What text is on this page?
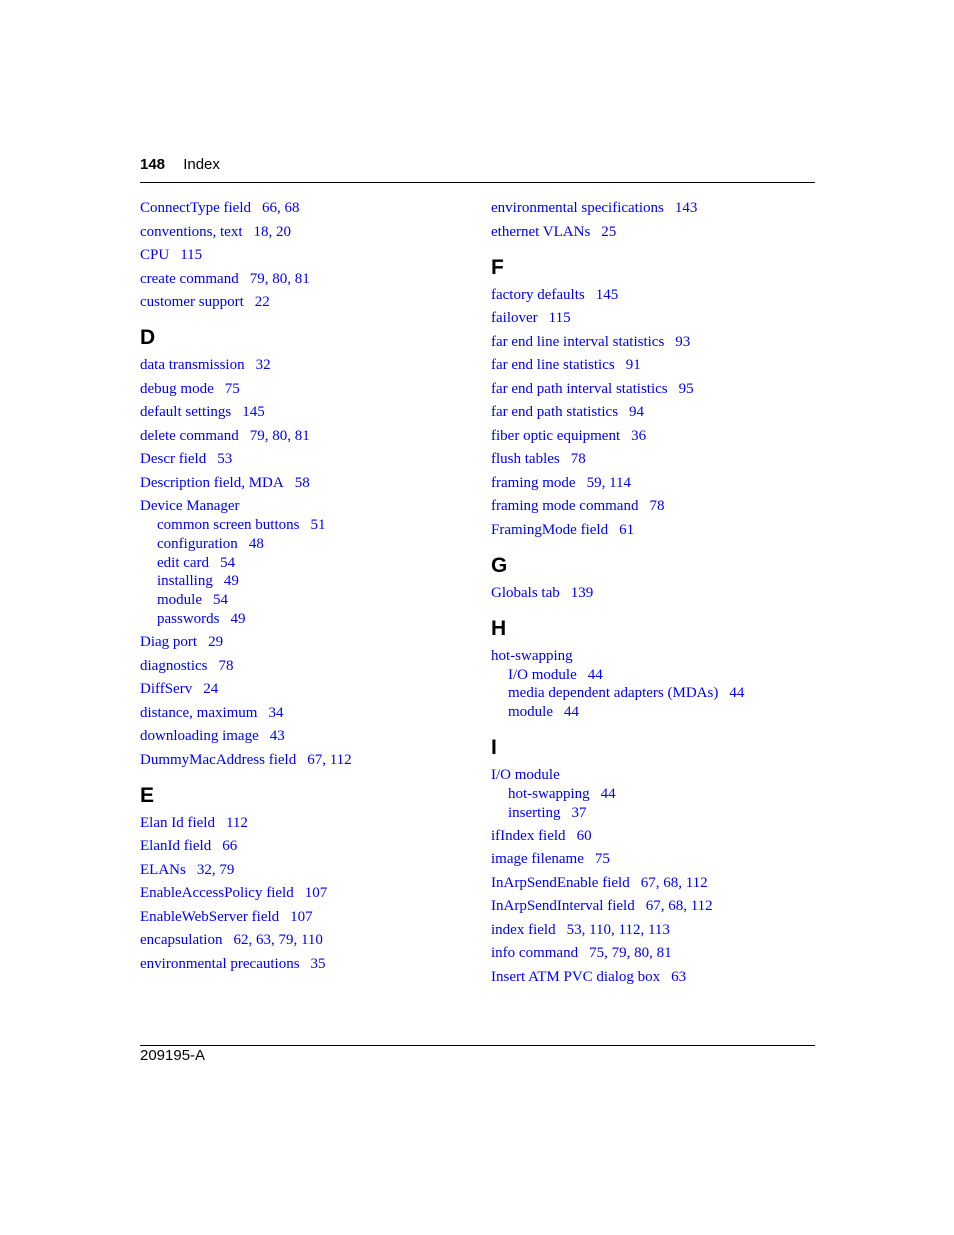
148 Index
ConnectType field 66, 68
conventions, text 18, 20
CPU 115
create command 79, 80, 81
customer support 22
D
data transmission 32
debug mode 75
default settings 145
delete command 79, 80, 81
Descr field 53
Description field, MDA 58
Device Manager
common screen buttons 51
configuration 48
edit card 54
installing 49
module 54
passwords 49
Diag port 29
diagnostics 78
DiffServ 24
distance, maximum 34
downloading image 43
DummyMacAddress field 67, 112
E
Elan Id field 112
ElanId field 66
ELANs 32, 79
EnableAccessPolicy field 107
EnableWebServer field 107
encapsulation 62, 63, 79, 110
environmental precautions 35
environmental specifications 143
ethernet VLANs 25
F
factory defaults 145
failover 115
far end line interval statistics 93
far end line statistics 91
far end path interval statistics 95
far end path statistics 94
fiber optic equipment 36
flush tables 78
framing mode 59, 114
framing mode command 78
FramingMode field 61
G
Globals tab 139
H
hot-swapping
I/O module 44
media dependent adapters (MDAs) 44
module 44
I
I/O module
hot-swapping 44
inserting 37
ifIndex field 60
image filename 75
InArpSendEnable field 67, 68, 112
InArpSendInterval field 67, 68, 112
index field 53, 110, 112, 113
info command 75, 79, 80, 81
Insert ATM PVC dialog box 63
209195-A
